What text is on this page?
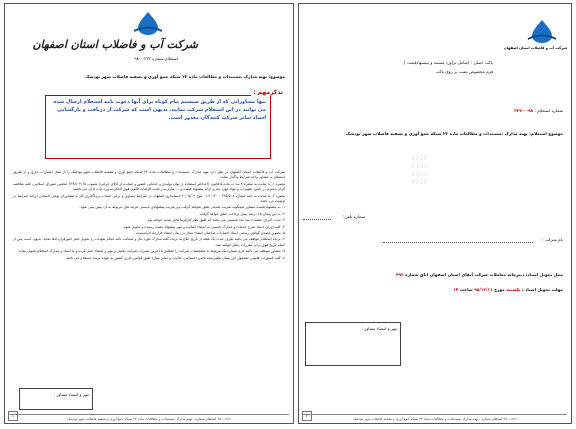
شرکت آب و فاضلاب استان اصفهان
استعلام شماره ۲۲۲-۰-۹۸
موضوع: تهیه مدارک ،مستندات و مطالعات ماده ۲۳ شبکه جمع آوری و تصفیه فاضلاب شهر تودشک
تنها مشاورانی که از طریق سیستم پیام کوتاه برای آنها دعوت نامه استعلام ارسال شده می توانند در این استعلام شرکت نمایند. بدیهی است که شرکت از دریافت و بازگشایی اسناد سایر شرکت کنندگان معذور است.
تذکرمهم :

شرکت آب و فاضلاب استان اصفهان در نظر دارد تهیه مدارک ،مستندات و مطالعات ماده ۲۳ شبکه جمع آوری و تصفیه فاضلاب شهر تودشک را از محل اعتبارات جاری و از طریق استعلام به مشاور واجد شرایط واگذار نماید.

تبصره ۱- با عنایت به تبصره ۲ بند ب ماده ۵ قانون (احداکثر استفاده از توان تولیدی و خدماتی کشور و حمایت از کالای ایرانی) مصوب ۱۳۹۸/۰۲/۱۵ مجلس شورای اسلامی، کلیه مناقصه گران محترم در تامین تجهیزات و مواد مورد نیاز و ارائه پیشنهاد قیمت و ... ملزم به رعایت الزامات قانون فوق الذکر به ورد ماده ۵ آن می باشند.

تبصره ۲- با عنایت به نامه شماره ۲۳۵/۵۰۸ - ۰۱/۱۰/۲۰ موخ ۹۰/۰۵/۰۴ استانداری اصفهان در شرایط مساوی و برابر، انتخاب و واگذاری کار به مشاوران بومی (استانی) واجد شرایط در اولویت می باشد.

۱- به پیشنهاد قیمت مشاور هیچگونه ضریب تعدیلی تعلق نخواهد گرفت ودرضریب پیشنهادی بایستی هزینه های مربوط به آن پیش بینی شود.

۲- به این پیمان ۱۵ درصد پیش پرداخت تعلق خواهد گرفت.

۳- مدت اجرای عملیات سه ماه شمسی می باشد که طبق نظر کارفرما قابل تمدید خواهد بود.

۴- کلیه اوراق اسناد شرح خدمات و مدارک بایستی به امضاء اصالت و مهر پیشنهاد دهنده رسیده و تحویل شود.

۵- تصویر مصدق گواهی رسمی اسناد اختیارات صاحبان امضاء مجاز در زمان انعقاد قرارداد الزامیست.

۶- برنده استعلام موظف می باشد طرف مدت یک هفته از تاریخ ابلاغ به برنده کلیه مدارک مورد نیاز و ضمانت نامه انجام تعهدات را تحویل دفتر امورقراردادها نماید. بدیهی است پس از اتمام تاریخ فوق برابر مقررات رفتار خواهد شد.

۷- مشاور موظف می باشد فرم شماره یک مربوط به مشخصات شرکت را مطابق با آخرین تغییرات شرکت تکمیل و مهر و امضاء اصل کرده و با اسناد و مدارک استعلام تحویل نماید.

۸- کلیه کسورات قانونی مشمول این پیمان نظیر بیمه تامین اجتماعی، مالیات و سایر موارد طبق قوانین جاری کشور به عهده برنده استعلام می باشد.

مهر و امضاء مشاور :
۹۸-۰-۲۲۲ استعلام شماره - تهیه مدارک ،مستندات و مطالعات ماده ۲۳ شبکه جمع آوری و تصفیه فاضلاب شهر تودشک
۱
شرکت آب و فاضلاب استان اصفهان
پاکت اصلی : (شامل برآورد مستند و پیشنهادقیمت )
فرم مخصوص نصب بر روی پاکت
شماره استعلام : ۹۸-۰-۲۲۲
موضوع استعلام: تهیه مدارک ،مستندات و مطالعات ماده ۲۳ شبکه جمع آوری و تصفیه فاضلاب شهر تودشک
1010
0101
1001
0010
نام شرکت :
شماره تلفن:
محل تحویل اسناد: دبیرخانه معاملات شرکت آبفای استان اصفهان اتاق شماره ۳۹۲
مهلت تحویل اسناد : یکشنبه مورخ ۹۸/۱۲/۱۱ ساعت ۱۴
مهر و امضاء مشاور :
۹۸-۰-۲۲۲ استعلام شماره - تهیه مدارک ،مستندات و مطالعات ماده ۲۳ شبکه جمع آوری و تصفیه فاضلاب شهر تودشک
۲
